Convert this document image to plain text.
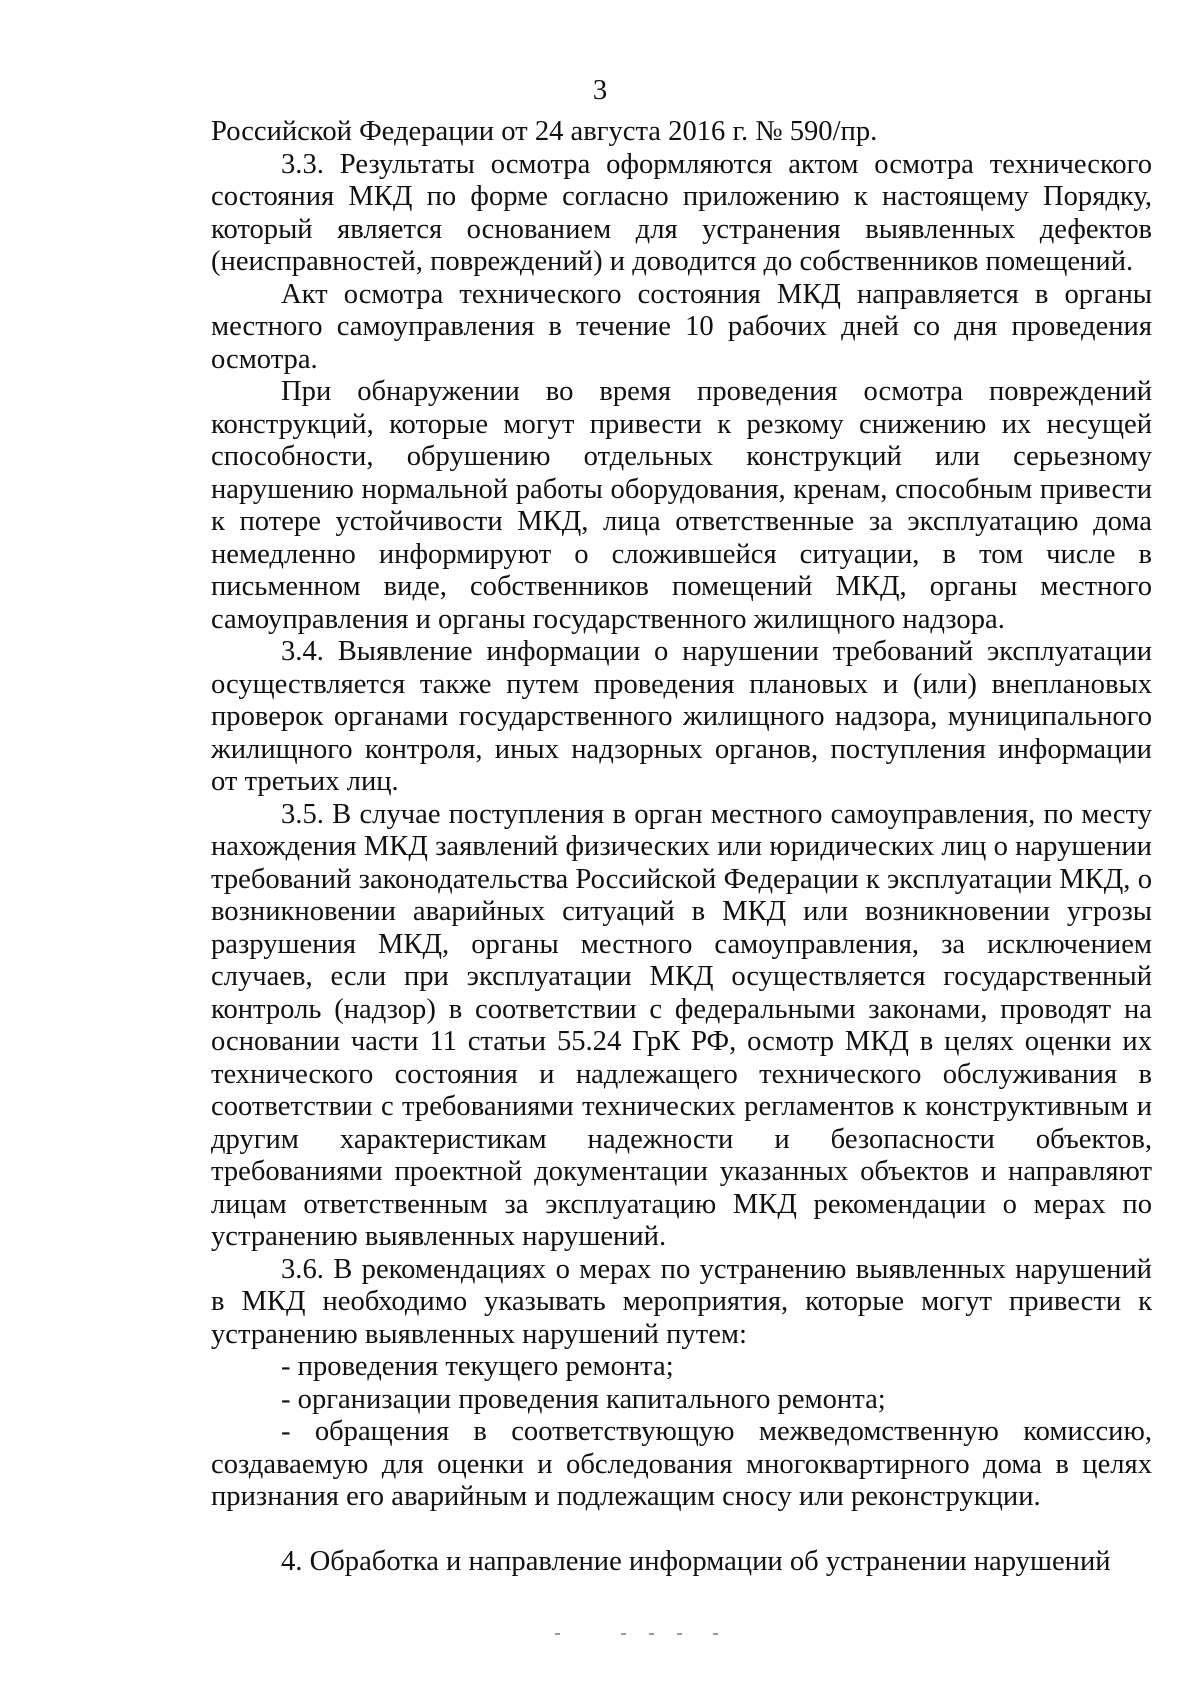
3

Российской Федерации от 24 августа 2016 г. № 590/пр.

3.3. Результаты осмотра оформляются актом осмотра технического состояния МКД по форме согласно приложению к настоящему Порядку, который является основанием для устранения выявленных дефектов (неисправностей, повреждений) и доводится до собственников помещений.

Акт осмотра технического состояния МКД направляется в органы местного самоуправления в течение 10 рабочих дней со дня проведения осмотра.

При обнаружении во время проведения осмотра повреждений конструкций, которые могут привести к резкому снижению их несущей способности, обрушению отдельных конструкций или серьезному нарушению нормальной работы оборудования, кренам, способным привести к потере устойчивости МКД, лица ответственные за эксплуатацию дома немедленно информируют о сложившейся ситуации, в том числе в письменном виде, собственников помещений МКД, органы местного самоуправления и органы государственного жилищного надзора.

3.4. Выявление информации о нарушении требований эксплуатации осуществляется также путем проведения плановых и (или) внеплановых проверок органами государственного жилищного надзора, муниципального жилищного контроля, иных надзорных органов, поступления информации от третьих лиц.

3.5. В случае поступления в орган местного самоуправления, по месту нахождения МКД заявлений физических или юридических лиц о нарушении требований законодательства Российской Федерации к эксплуатации МКД, о возникновении аварийных ситуаций в МКД или возникновении угрозы разрушения МКД, органы местного самоуправления, за исключением случаев, если при эксплуатации МКД осуществляется государственный контроль (надзор) в соответствии с федеральными законами, проводят на основании части 11 статьи 55.24 ГрК РФ, осмотр МКД в целях оценки их технического состояния и надлежащего технического обслуживания в соответствии с требованиями технических регламентов к конструктивным и другим характеристикам надежности и безопасности объектов, требованиями проектной документации указанных объектов и направляют лицам ответственным за эксплуатацию МКД рекомендации о мерах по устранению выявленных нарушений.

3.6. В рекомендациях о мерах по устранению выявленных нарушений в МКД необходимо указывать мероприятия, которые могут привести к устранению выявленных нарушений путем:

- проведения текущего ремонта;

- организации проведения капитального ремонта;

- обращения в соответствующую межведомственную комиссию, создаваемую для оценки и обследования многоквартирного дома в целях признания его аварийным и подлежащим сносу или реконструкции.

4. Обработка и направление информации об устранении нарушений
